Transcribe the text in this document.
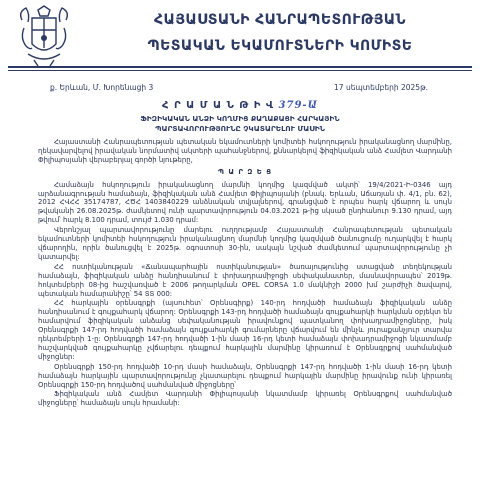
ՀԱՅԱՍՏԱՆԻ ՀԱՆՐԱՊԵՏՈՒԹՅԱՆ
ՊԵՏԱԿԱՆ ԵԿԱՄՈՒՏՆԵՐԻ ԿՈՄԻՏԵ
ք. Երևան, Մ. Խորենացի 3	17 սեպտեմբերի 2025թ.
Հ Ր Ա Մ Ա Ն Թ Ի Վ 379-Ա
ՖԻԶԻԿԱԿԱՆ ԱՆՁԻ ԿՈՂՄԻՑ ՔԱՂԱՔԱՑԻ ՀԱՐԿԱՅԻՆ
ՊԱՐՏԱՎՈՐՈՒԹՅՈՒՆԸ ՉԿԱՏԱՐԵԼՈՒ ՄԱՍԻՆ

Հայաստանի Հանրապետության պետական եկամուտների կոմիտեի հսկողություն իրականացնող մարմինը, ղեկավարվելով իրավական նորմատիվ ակտերի պահանջներով, քննարկելով ֆիզիկական անձ Համլետ Վարդանի Փիլիպոսյանի վերաբերյալ գործի նյութերը,

Պ Ա Ր Զ Ե Ց

Համաձայն հսկողություն իրականացնող մարմնի կողմից կազմված ակտի՝ 19/4/2021-Ի-0346 այդ արձանագրության համաձայն, ֆիզիկական անձ Համլետ Փիլիպոսյանի (բնակ. Երևան, Աճառյան փ. 4/1, բն. 62), 2012 ՀՎՀՀ 35174787, ՀԾՀ 1403840229 անձնական տվյալներով, գրանցված է որպես հարկ վճարող և սույն թվականի 26.08.2025թ. ժամկետով ունի պարտավորություն 04.03.2021 թ-ից սկսած ընդհանուր 9.130 դրամ, այդ թվում՝ հարկ 8.100 դրամ, տույժ 1.030 դրամ:

Վերոնշյալ պարտավորությունը մարելու ուղղությամբ Հայաստանի Հանրապետության պետական եկամուտների կոմիտեի հսկողություն իրականացնող մարմնի կողմից կազմված ծանուցումը ուղարկվել է հարկ վճարողին, որին ծանուցվել է 2025թ. օգոստոսի 30-ին, սակայն նշված ժամկետում պարտավորությունը չի կատարվել:

ՀՀ ոստիկանության «Ճանապարհային ոստիկանության» ծառայությունից ստացված տեղեկության համաձայն, ֆիզիկական անձը հանդիսանում է փոխադրամիջոցի սեփականատեր, մասնավորապես՝ 2019թ. հոկտեմբերի 08-ից հաշվառված է 2006 թողարկման OPEL CORSA 1.0 մակնիշի 2000 խմ շարժիչի ծավալով, պետական համարանիշը՝ 54 ՏՏ 000:

ՀՀ հարկային օրենսգրքի (այսուհետ՝ Օրենսգիրք) 140-րդ հոդվածի համաձայն ֆիզիկական անձը հանդիսանում է գույքահարկ վճարող: Օրենսգրքի 143-րդ հոդվածի համաձայն գույքահարկի հարկման օբյեկտ են համարվում ֆիզիկական անձանց սեփականության իրավունքով պատկանող փոխադրամիջոցները, իսկ Օրենսգրքի 147-րդ հոդվածի համաձայն գույքահարկի գումարները վճարվում են մինչև յուրաքանչյուր տարվա դեկտեմբերի 1-ը: Օրենսգրքի 147-րդ հոդվածի 1-ին մասի 16-րդ կետի համաձայն փոխադրամիջոցի նկատմամբ հաշվարկված գույքահարկը չվճարելու դեպքում հարկային մարմինը կիրառում է Օրենսգրքով սահմանված միջոցներ:

Օրենսգրքի 150-րդ հոդվածի 10-րդ մասի համաձայն, Օրենսգրքի 147-րդ հոդվածի 1-ին մասի 16-րդ կետի համաձայն հարկային պարտավորությունը չկատարելու դեպքում հարկային մարմինը իրավունք ունի կիրառել Օրենսգրքի 150-րդ հոդվածով սահմանված միջոցները՝

Ֆիզիկական անձ Համլետ Վարդանի Փիլիպոսյանի նկատմամբ կիրառել Օրենսգրքով սահմանված միջոցները՝ համաձայն սույն հրամանի:
